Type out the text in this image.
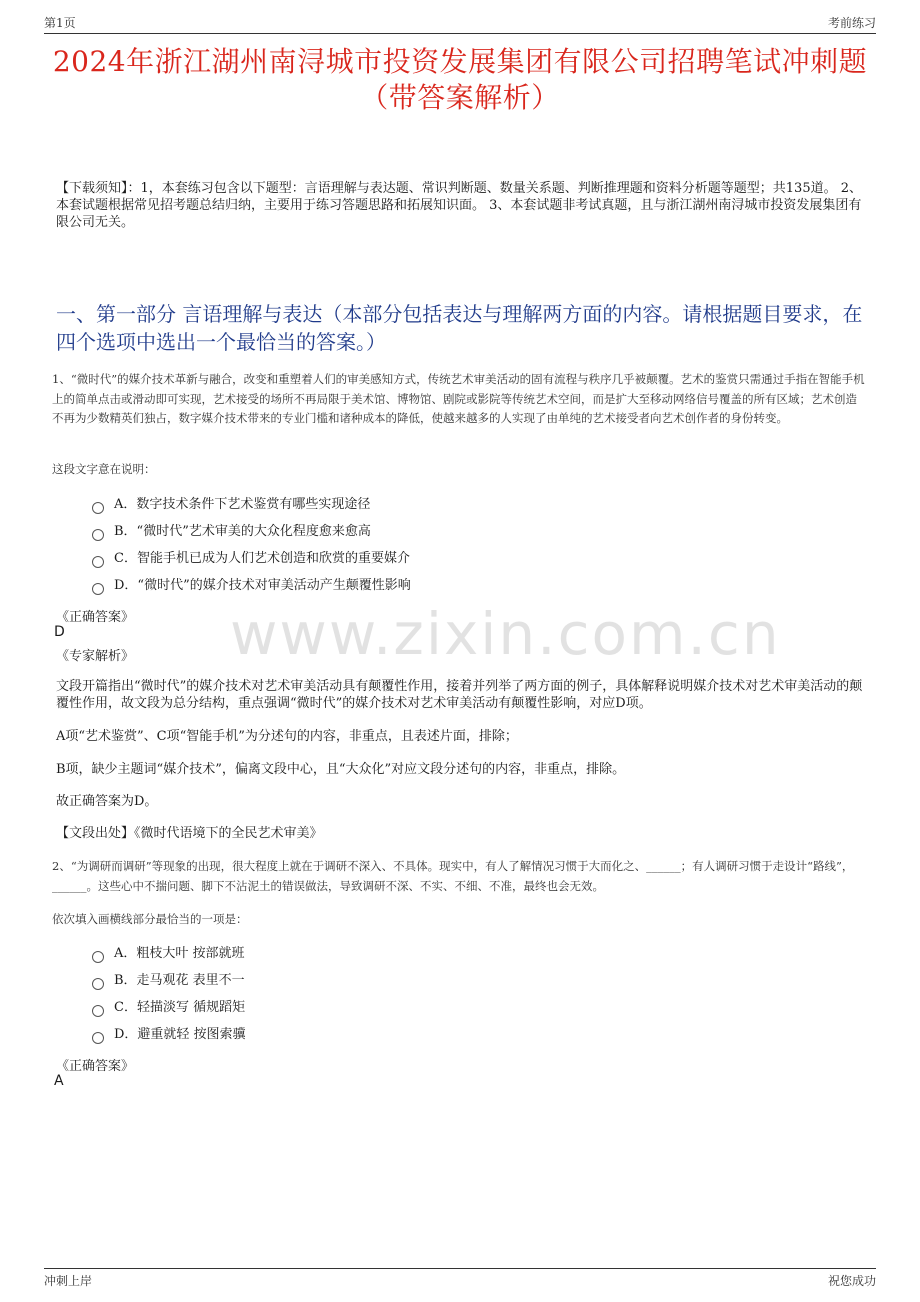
第1页	考前练习
2024年浙江湖州南浔城市投资发展集团有限公司招聘笔试冲刺题（带答案解析）
【下载须知】：1，本套练习包含以下题型：言语理解与表达题、常识判断题、数量关系题、判断推理题和资料分析题等题型；共135道。 2、本套试题根据常见招考题总结归纳，主要用于练习答题思路和拓展知识面。 3、本套试题非考试真题，且与浙江湖州南浔城市投资发展集团有限公司无关。
一、第一部分 言语理解与表达（本部分包括表达与理解两方面的内容。请根据题目要求，在四个选项中选出一个最恰当的答案。）
1、“微时代”的媒介技术革新与融合，改变和重塑着人们的审美感知方式，传统艺术审美活动的固有流程与秩序几乎被颠覆。艺术的鉴赏只需通过手指在智能手机上的简单点击或滑动即可实现，艺术接受的场所不再局限于美术馆、博物馆、剧院或影院等传统艺术空间，而是扩大至移动网络信号覆盖的所有区域；艺术创造不再为少数精英们独占，数字媒介技术带来的专业门槛和诸种成本的降低，使越来越多的人实现了由单纯的艺术接受者向艺术创作者的身份转变。
这段文字意在说明：
A．数字技术条件下艺术鉴赏有哪些实现途径
B．“微时代”艺术审美的大众化程度愈来愈高
C．智能手机已成为人们艺术创造和欣赏的重要媒介
D．“微时代”的媒介技术对审美活动产生颠覆性影响
《正确答案》
D
《专家解析》
文段开篇指出“微时代”的媒介技术对艺术审美活动具有颠覆性作用，接着并列举了两方面的例子，具体解释说明媒介技术对艺术审美活动的颠覆性作用，故文段为总分结构，重点强调“微时代”的媒介技术对艺术审美活动有颠覆性影响，对应D项。
A项“艺术鉴赏”、C项“智能手机”为分述句的内容，非重点，且表述片面，排除；
B项，缺少主题词“媒介技术”，偏离文段中心，且“大众化”对应文段分述句的内容，非重点，排除。
故正确答案为D。
【文段出处】《微时代语境下的全民艺术审美》
2、“为调研而调研”等现象的出现，很大程度上就在于调研不深入、不具体。现实中，有人了解情况习惯于大而化之、______；有人调研习惯于走设计“路线”，______。这些心中不揣问题、脚下不沾泥土的错误做法，导致调研不深、不实、不细、不准，最终也会无效。
依次填入画横线部分最恰当的一项是：
A．粗枝大叶 按部就班
B．走马观花 表里不一
C．轻描淡写 循规蹈矩
D．避重就轻 按图索骥
《正确答案》
A
www.zixin.com.cn
冲刺上岸	祝您成功
